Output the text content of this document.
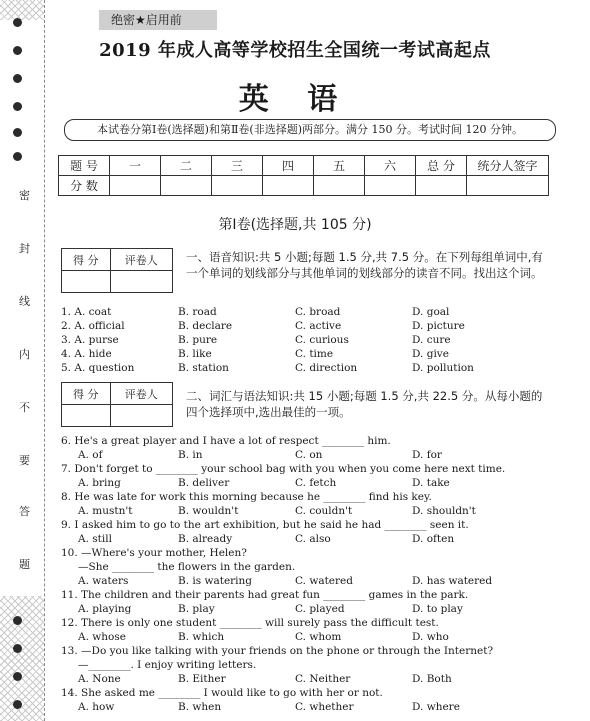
密
封
线
内
不
要
答
题
绝密★启用前
2019 年成人高等学校招生全国统一考试高起点
英 语
本试卷分第Ⅰ卷(选择题)和第Ⅱ卷(非选择题)两部分。满分 150 分。考试时间 120 分钟。
题 号	一	二	三	四	五	六	总 分	统分人签字
分 数								
第Ⅰ卷(选择题,共 105 分)
得 分	评卷人
	一、语音知识:共 5 小题;每题 1.5 分,共 7.5 分。在下列每组单词中,有一个单词的划线部分与其他单词的划线部分的读音不同。找出这个词。
1. A. coat	B. road	C. broad	D. goal
2. A. official	B. declare	C. active	D. picture
3. A. purse	B. pure	C. curious	D. cure
4. A. hide	B. like	C. time	D. give
5. A. question	B. station	C. direction	D. pollution
得 分	评卷人
	二、词汇与语法知识:共 15 小题;每题 1.5 分,共 22.5 分。从每小题的四个选择项中,选出最佳的一项。
6. He's a great player and I have a lot of respect ________ him.
A. of	B. in	C. on	D. for
7. Don't forget to ________ your school bag with you when you come here next time.
A. bring	B. deliver	C. fetch	D. take
8. He was late for work this morning because he ________ find his key.
A. mustn't	B. wouldn't	C. couldn't	D. shouldn't
9. I asked him to go to the art exhibition, but he said he had ________ seen it.
A. still	B. already	C. also	D. often
10. —Where's your mother, Helen?
—She ________ the flowers in the garden.
A. waters	B. is watering	C. watered	D. has watered
11. The children and their parents had great fun ________ games in the park.
A. playing	B. play	C. played	D. to play
12. There is only one student ________ will surely pass the difficult test.
A. whose	B. which	C. whom	D. who
13. —Do you like talking with your friends on the phone or through the Internet?
—________. I enjoy writing letters.
A. None	B. Either	C. Neither	D. Both
14. She asked me ________ I would like to go with her or not.
A. how	B. when	C. whether	D. where
